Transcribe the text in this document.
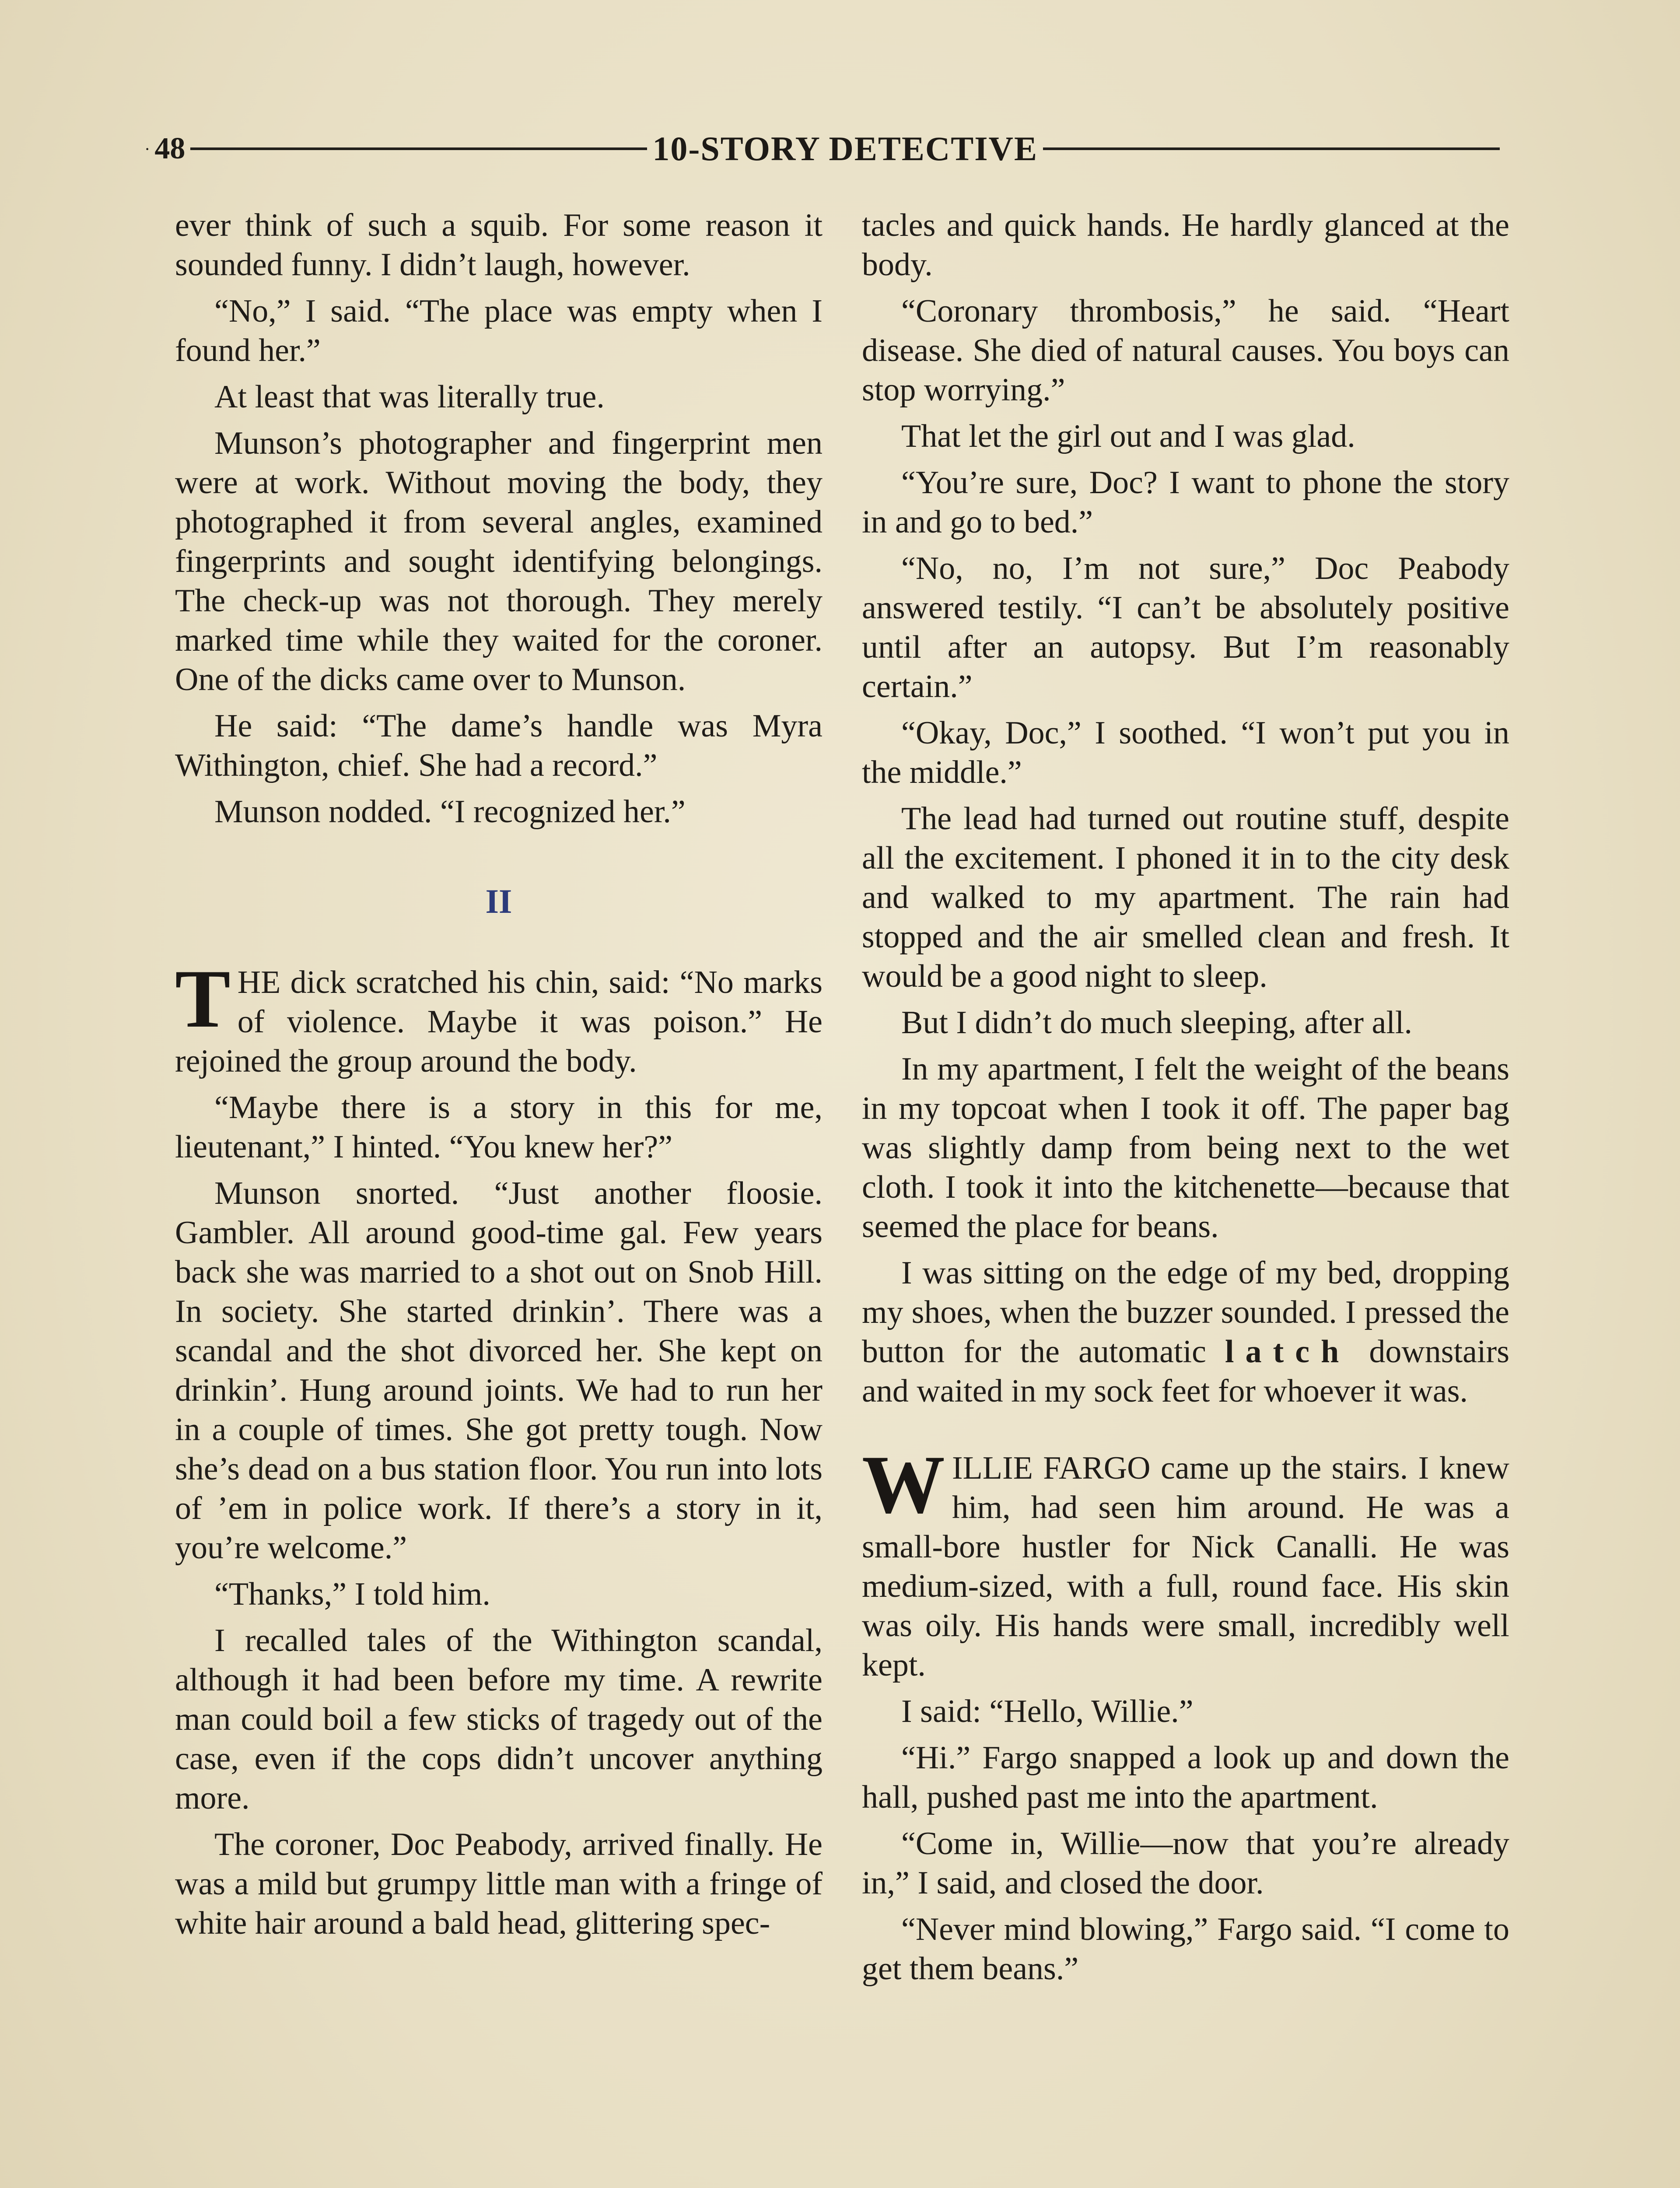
· 48	10-STORY DETECTIVE

ever think of such a squib. For some reason it sounded funny. I didn’t laugh, however.

“No,” I said. “The place was empty when I found her.”

At least that was literally true.

Munson’s photographer and fingerprint men were at work. Without moving the body, they photographed it from several angles, examined fingerprints and sought identifying belongings. The check-up was not thorough. They merely marked time while they waited for the coroner. One of the dicks came over to Munson.

He said: “The dame’s handle was Myra Withington, chief. She had a record.”

Munson nodded. “I recognized her.”

II

THE dick scratched his chin, said: “No marks of violence. Maybe it was poison.” He rejoined the group around the body.

“Maybe there is a story in this for me, lieutenant,” I hinted. “You knew her?”

Munson snorted. “Just another floosie. Gambler. All around good-time gal. Few years back she was married to a shot out on Snob Hill. In society. She started drinkin’. There was a scandal and the shot divorced her. She kept on drinkin’. Hung around joints. We had to run her in a couple of times. She got pretty tough. Now she’s dead on a bus station floor. You run into lots of ’em in police work. If there’s a story in it, you’re welcome.”

“Thanks,” I told him.

I recalled tales of the Withington scandal, although it had been before my time. A rewrite man could boil a few sticks of tragedy out of the case, even if the cops didn’t uncover anything more.

The coroner, Doc Peabody, arrived finally. He was a mild but grumpy little man with a fringe of white hair around a bald head, glittering spec-

tacles and quick hands. He hardly glanced at the body.

“Coronary thrombosis,” he said. “Heart disease. She died of natural causes. You boys can stop worrying.”

That let the girl out and I was glad.

“You’re sure, Doc? I want to phone the story in and go to bed.”

“No, no, I’m not sure,” Doc Peabody answered testily. “I can’t be absolutely positive until after an autopsy. But I’m reasonably certain.”

“Okay, Doc,” I soothed. “I won’t put you in the middle.”

The lead had turned out routine stuff, despite all the excitement. I phoned it in to the city desk and walked to my apartment. The rain had stopped and the air smelled clean and fresh. It would be a good night to sleep.

But I didn’t do much sleeping, after all.

In my apartment, I felt the weight of the beans in my topcoat when I took it off. The paper bag was slightly damp from being next to the wet cloth. I took it into the kitchenette—because that seemed the place for beans.

I was sitting on the edge of my bed, dropping my shoes, when the buzzer sounded. I pressed the button for the automatic latch downstairs and waited in my sock feet for whoever it was.

WILLIE FARGO came up the stairs. I knew him, had seen him around. He was a small-bore hustler for Nick Canalli. He was medium-sized, with a full, round face. His skin was oily. His hands were small, incredibly well kept.

I said: “Hello, Willie.”

“Hi.” Fargo snapped a look up and down the hall, pushed past me into the apartment.

“Come in, Willie—now that you’re already in,” I said, and closed the door.

“Never mind blowing,” Fargo said. “I come to get them beans.”
